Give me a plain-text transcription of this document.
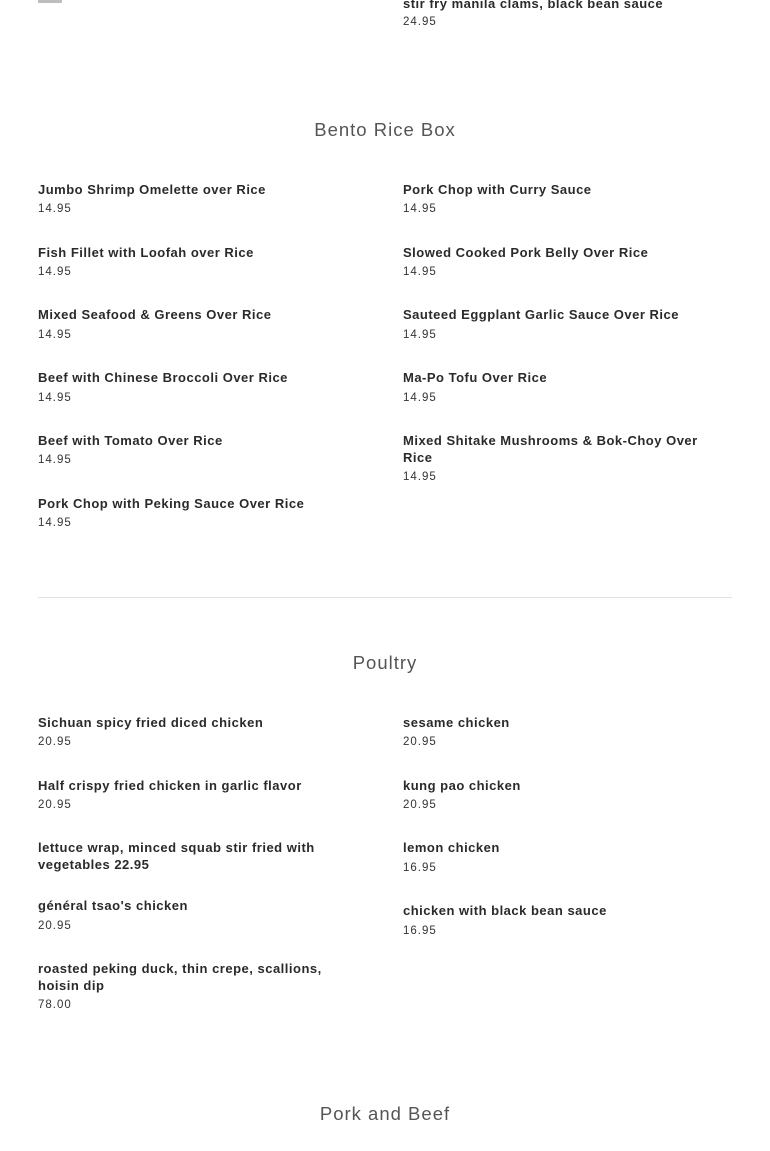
stir fry manila clams, black bean sauce
24.95
Bento Rice Box
Jumbo Shrimp Omelette over Rice
14.95
Pork Chop with Curry Sauce
14.95
Fish Fillet with Loofah over Rice
14.95
Slowed Cooked Pork Belly Over Rice
14.95
Mixed Seafood & Greens Over Rice
14.95
Sauteed Eggplant Garlic Sauce Over Rice
14.95
Beef with Chinese Broccoli Over Rice
14.95
Ma-Po Tofu Over Rice
14.95
Beef with Tomato Over Rice
14.95
Mixed Shitake Mushrooms & Bok-Choy Over Rice
14.95
Pork Chop with Peking Sauce Over Rice
14.95
Poultry
Sichuan spicy fried diced chicken
20.95
sesame chicken
20.95
Half crispy fried chicken in garlic flavor
20.95
kung pao chicken
20.95
lettuce wrap, minced squab stir fried with vegetables 22.95
lemon chicken
16.95
général tsao's chicken
20.95
chicken with black bean sauce
16.95
roasted peking duck, thin crepe, scallions, hoisin dip
78.00
Pork and Beef
